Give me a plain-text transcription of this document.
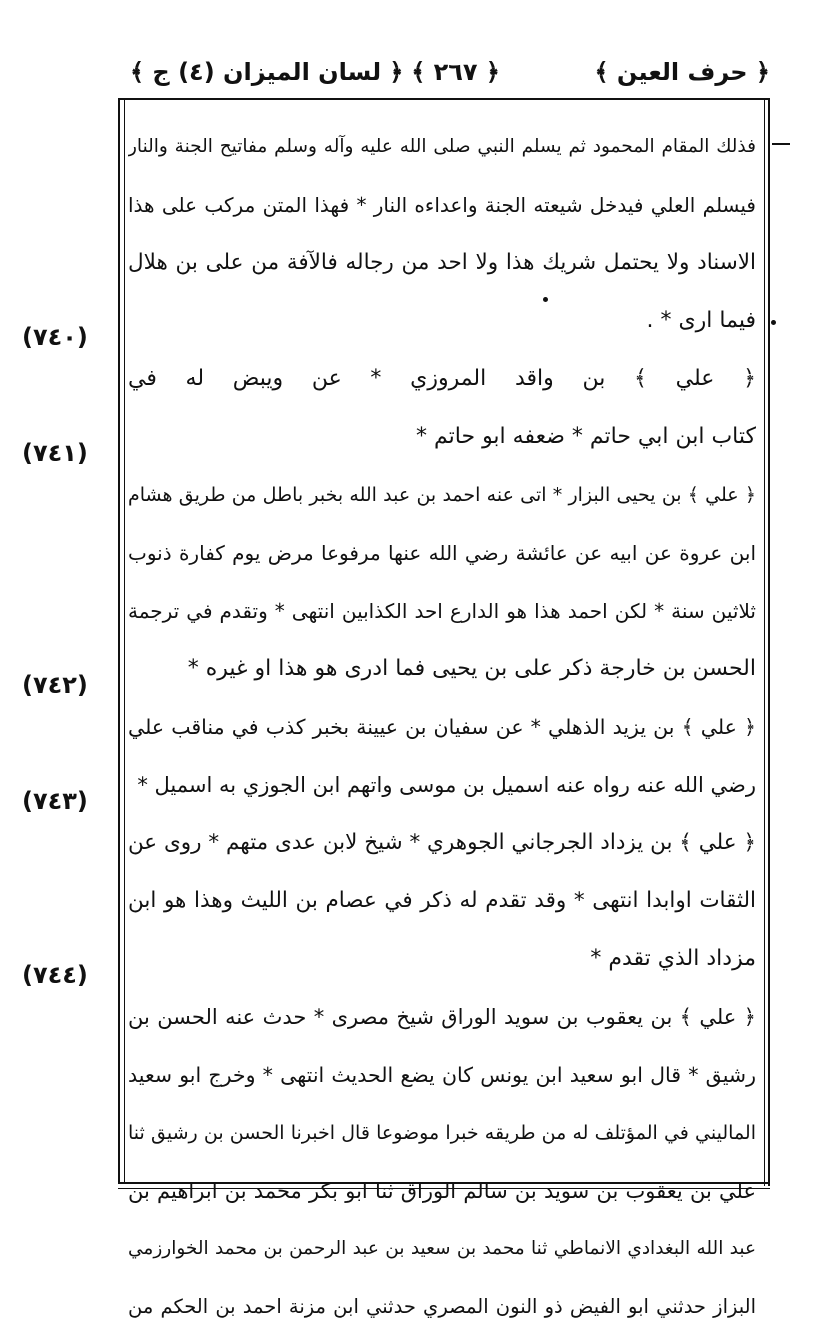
﴿ حرف العين ﴾
﴿ ٢٦٧ ﴾
﴿ لسان الميزان (٤) ج ﴾
(٧٤٠)
(٧٤١)
(٧٤٢)
(٧٤٣)
(٧٤٤)
فذلك المقام المحمود ثم يسلم النبي صلى الله عليه وآله وسلم مفاتيح الجنة والنار
فيسلم العلي فيدخل شيعته الجنة واعداءه النار * فهذا المتن مركب على هذا
الاسناد ولا يحتمل شريك هذا ولا احد من رجاله فالآفة من على بن هلال
فيما ارى * .
﴿ علي ﴾ بن واقد المروزي * عن ويبض له في
كتاب ابن ابي حاتم * ضعفه ابو حاتم *
﴿ علي ﴾ بن يحيى البزار * اتى عنه احمد بن عبد الله بخبر باطل من طريق هشام
ابن عروة عن ابيه عن عائشة رضي الله عنها مرفوعا مرض يوم كفارة ذنوب
ثلاثين سنة * لكن احمد هذا هو الدارع احد الكذابين انتهى * وتقدم في ترجمة
الحسن بن خارجة ذكر على بن يحيى فما ادرى هو هذا او غيره *
﴿ علي ﴾ بن يزيد الذهلي * عن سفيان بن عيينة بخبر كذب في مناقب علي
رضي الله عنه رواه عنه اسميل بن موسى واتهم ابن الجوزي به اسميل *
﴿ علي ﴾ بن يزداد الجرجاني الجوهري * شيخ لابن عدى متهم * روى عن
الثقات اوابدا انتهى * وقد تقدم له ذكر في عصام بن الليث وهذا هو ابن
مزداد الذي تقدم *
﴿ علي ﴾ بن يعقوب بن سويد الوراق شيخ مصرى * حدث عنه الحسن بن
رشيق * قال ابو سعيد ابن يونس كان يضع الحديث انتهى * وخرج ابو سعيد
الماليني في المؤتلف له من طريقه خبرا موضوعا قال اخبرنا الحسن بن رشيق ثنا
علي بن يعقوب بن سويد بن سالم الوراق ثنا ابو بكر محمد بن ابراهيم بن
عبد الله البغدادي الانماطي ثنا محمد بن سعيد بن عبد الرحمن بن محمد الخوارزمي
البزاز حدثني ابو الفيض ذو النون المصري حدثني ابن مزنة احمد بن الحكم من
